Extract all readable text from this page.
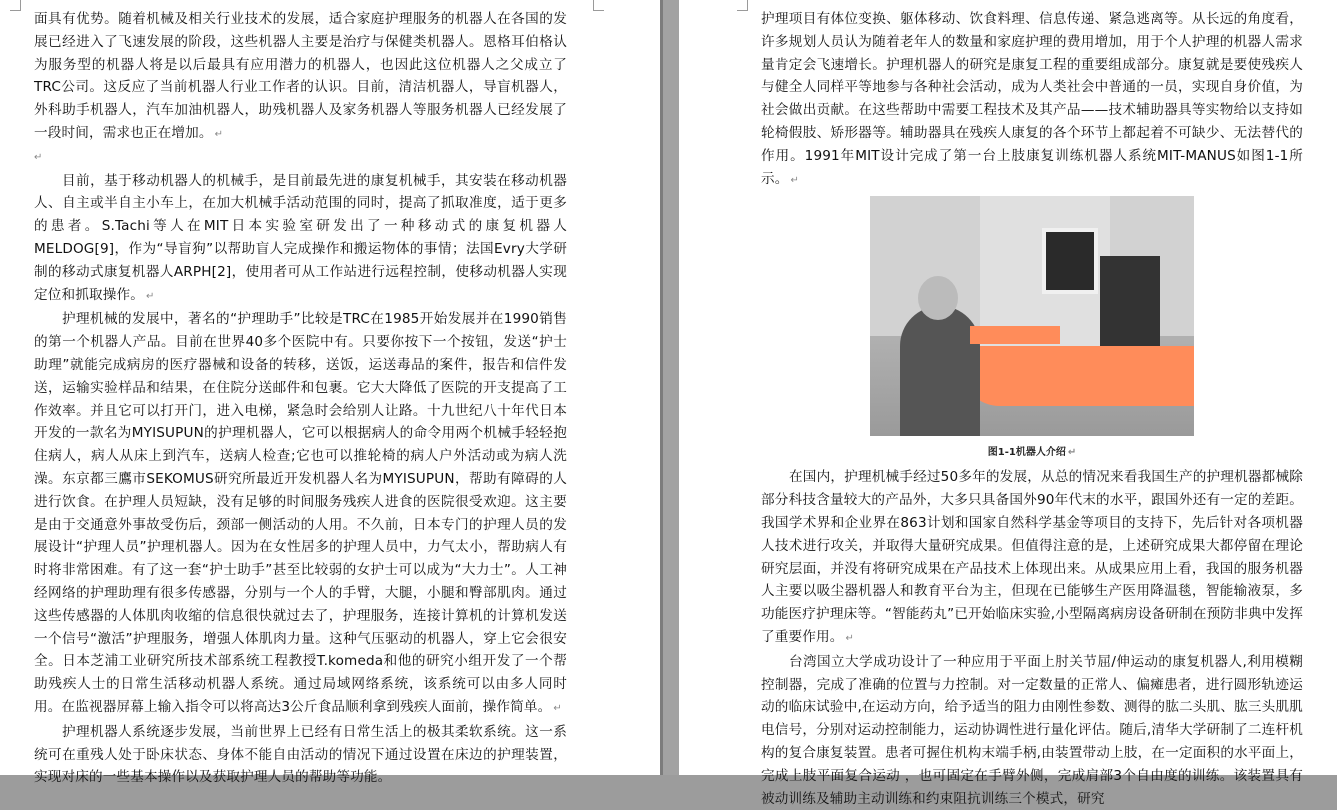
面具有优势。随着机械及相关行业技术的发展，适合家庭护理服务的机器人在各国的发展已经进入了飞速发展的阶段，这些机器人主要是治疗与保健类机器人。恩格耳伯格认为服务型的机器人将是以后最具有应用潜力的机器人，也因此这位机器人之父成立了TRC公司。这反应了当前机器人行业工作者的认识。目前，清洁机器人，导盲机器人，外科助手机器人，汽车加油机器人，助残机器人及家务机器人等服务机器人已经发展了一段时间，需求也正在增加。 ↵

↵

目前，基于移动机器人的机械手，是目前最先进的康复机械手，其安装在移动机器人、自主或半自主小车上，在加大机械手活动范围的同时，提高了抓取准度，适于更多的患者。S.Tachi等人在MIT日本实验室研发出了一种移动式的康复机器人MELDOG[9]，作为“导盲狗”以帮助盲人完成操作和搬运物体的事情；法国Evry大学研制的移动式康复机器人ARPH[2]，使用者可从工作站进行远程控制，使移动机器人实现定位和抓取操作。 ↵

护理机械的发展中，著名的“护理助手”比较是TRC在1985开始发展并在1990销售的第一个机器人产品。目前在世界40多个医院中有。只要你按下一个按钮，发送“护士助理”就能完成病房的医疗器械和设备的转移，送饭，运送毒品的案件，报告和信件发送，运输实验样品和结果，在住院分送邮件和包裹。它大大降低了医院的开支提高了工作效率。并且它可以打开门，进入电梯，紧急时会给别人让路。十九世纪八十年代日本开发的一款名为MYISUPUN的护理机器人，它可以根据病人的命令用两个机械手轻轻抱住病人，病人从床上到汽车，送病人检查;它也可以推轮椅的病人户外活动或为病人洗澡。东京都三鷹市SEKOMUS研究所最近开发机器人名为MYISUPUN，帮助有障碍的人进行饮食。在护理人员短缺，没有足够的时间服务残疾人进食的医院很受欢迎。这主要是由于交通意外事故受伤后，颈部一侧活动的人用。不久前，日本专门的护理人员的发展设计“护理人员”护理机器人。因为在女性居多的护理人员中，力气太小，帮助病人有时将非常困难。有了这一套“护士助手”甚至比较弱的女护士可以成为“大力士”。人工神经网络的护理助理有很多传感器，分别与一个人的手臂，大腿，小腿和臀部肌肉。通过这些传感器的人体肌肉收缩的信息很快就过去了，护理服务，连接计算机的计算机发送一个信号“激活”护理服务，增强人体肌肉力量。这种气压驱动的机器人，穿上它会很安全。日本芝浦工业研究所技术部系统工程教授T.komeda和他的研究小组开发了一个帮助残疾人士的日常生活移动机器人系统。通过局域网络系统，该系统可以由多人同时用。在监视器屏幕上输入指令可以将高达3公斤食品顺利拿到残疾人面前，操作简单。 ↵

护理机器人系统逐步发展，当前世界上已经有日常生活上的极其柔软系统。这一系统可在重残人处于卧床状态、身体不能自由活动的情况下通过设置在床边的护理装置，实现对床的一些基本操作以及获取护理人员的帮助等功能。

护理项目有体位变换、躯体移动、饮食料理、信息传递、紧急逃离等。从长远的角度看，许多规划人员认为随着老年人的数量和家庭护理的费用增加，用于个人护理的机器人需求量肯定会飞速增长。护理机器人的研究是康复工程的重要组成部分。康复就是要使残疾人与健全人同样平等地参与各种社会活动，成为人类社会中普通的一员，实现自身价值，为社会做出贡献。在这些帮助中需要工程技术及其产品——技术辅助器具等实物给以支持如轮椅假肢、矫形器等。辅助器具在残疾人康复的各个环节上都起着不可缺少、无法替代的作用。1991年MIT设计完成了第一台上肢康复训练机器人系统MIT-MANUS如图1-1所示。 ↵

图1-1机器人介绍 ↵

在国内，护理机械手经过50多年的发展，从总的情况来看我国生产的护理机器都械除部分科技含量较大的产品外，大多只具备国外90年代末的水平，跟国外还有一定的差距。我国学术界和企业界在863计划和国家自然科学基金等项目的支持下，先后针对各项机器人技术进行攻关，并取得大量研究成果。但值得注意的是，上述研究成果大都停留在理论研究层面，并没有将研究成果在产品技术上体现出来。从成果应用上看，我国的服务机器人主要以吸尘器机器人和教育平台为主，但现在已能够生产医用降温毯，智能输液泵，多功能医疗护理床等。“智能药丸”已开始临床实验,小型隔离病房设备研制在预防非典中发挥了重要作用。 ↵

台湾国立大学成功设计了一种应用于平面上肘关节屈/伸运动的康复机器人,利用模糊控制器，完成了准确的位置与力控制。对一定数量的正常人、偏瘫患者，进行圆形轨迹运动的临床试验中,在运动方向，给予适当的阻力由刚性参数、测得的肱二头肌、肱三头肌肌电信号，分别对运动控制能力，运动协调性进行量化评估。随后,清华大学研制了二连杆机构的复合康复装置。患者可握住机构末端手柄,由装置带动上肢，在一定面积的水平面上，完成上肢平面复合运动 ，也可固定在手臂外侧，完成肩部3个自由度的训练。该装置具有被动训练及辅助主动训练和约束阻抗训练三个模式，研究
